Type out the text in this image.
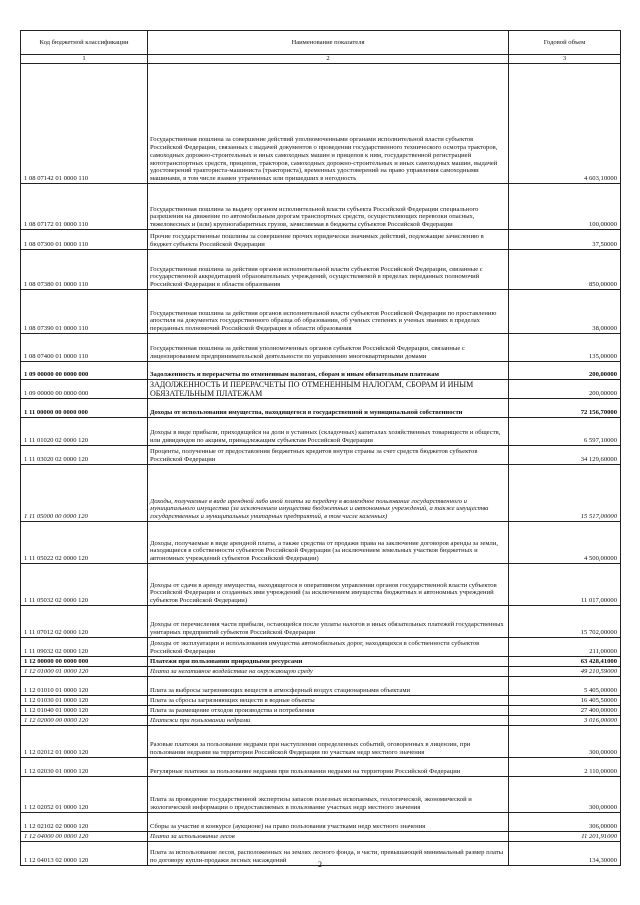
Код бюджетной классификации	Наименование показателя	Годовой объем
1	2	3
1 08 07142 01 0000 110	Государственная пошлина за совершение действий уполномоченными органами исполнительной власти субъектов Российской Федерации, связанных с выдачей документов о проведении государственного технического осмотра тракторов, самоходных дорожно-строительных и иных самоходных машин и прицепов к ним, государственной регистрацией мототранспортных средств, прицепов, тракторов, самоходных дорожно-строительных и иных самоходных машин, выдачей удостоверений тракториста-машиниста (тракториста), временных удостоверений на право управления самоходными машинами, в том числе взамен утраченных или пришедших в негодность	4 603,10000
1 08 07172 01 0000 110	Государственная пошлина за выдачу органом исполнительной власти субъекта Российской Федерации специального разрешения на движение по автомобильным дорогам транспортных средств, осуществляющих перевозки опасных, тяжеловесных и (или) крупногабаритных грузов, зачисляемая в бюджеты субъектов Российской Федерации	100,00000
1 08 07300 01 0000 110	Прочие государственные пошлины за совершение прочих юридически значимых действий, подлежащие зачислению в бюджет субъекта Российской Федерации	37,50000
1 08 07380 01 0000 110	Государственная пошлина за действия органов исполнительной власти субъектов Российской Федерации, связанные с государственной аккредитацией образовательных учреждений, осуществляемой в пределах переданных полномочий Российской Федерации в области образования	850,00000
1 08 07390 01 0000 110	Государственная пошлина за действия органов исполнительной власти субъектов Российской Федерации по проставлению апостиля на документах государственного образца об образовании, об ученых степенях и ученых званиях в пределах переданных полномочий Российской Федерации в области образования	38,00000
1 08 07400 01 0000 110	Государственная пошлина за действия уполномоченных органов субъектов Российской Федерации, связанные с лицензированием предпринимательской деятельности по управлению многоквартирными домами	135,00000
1 09 00000 00 0000 000	Задолженность и перерасчеты по отмененным налогам, сборам и иным обязательным платежам	200,00000
1 09 00000 00 0000 000	ЗАДОЛЖЕННОСТЬ И ПЕРЕРАСЧЕТЫ ПО ОТМЕНЕННЫМ НАЛОГАМ, СБОРАМ И ИНЫМ ОБЯЗАТЕЛЬНЫМ ПЛАТЕЖАМ	200,00000
1 11 00000 00 0000 000	Доходы от использования имущества, находящегося в государственной и муниципальной собственности	72 156,70000
1 11 01020 02 0000 120	Доходы в виде прибыли, приходящейся на доли в уставных (складочных) капиталах хозяйственных товариществ и обществ, или дивидендов по акциям, принадлежащим субъектам Российской Федерации	6 597,10000
1 11 03020 02 0000 120	Проценты, полученные от предоставления бюджетных кредитов внутри страны за счет средств бюджетов субъектов Российской Федерации	34 129,60000
1 11 05000 00 0000 120	Доходы, получаемые в виде арендной либо иной платы за передачу в возмездное пользование государственного и муниципального имущества (за исключением имущества бюджетных и автономных учреждений, а также имущества государственных и муниципальных унитарных предприятий, в том числе казенных)	15 517,00000
1 11 05022 02 0000 120	Доходы, получаемые в виде арендной платы, а также средства от продажи права на заключение договоров аренды за земли, находящиеся в собственности субъектов Российской Федерации (за исключением земельных участков бюджетных и автономных учреждений субъектов Российской Федерации)	4 500,00000
1 11 05032 02 0000 120	Доходы от сдачи в аренду имущества, находящегося в оперативном управлении органов государственной власти субъектов Российской Федерации и созданных ими учреждений (за исключением имущества бюджетных и автономных учреждений субъектов Российской Федерации)	11 017,00000
1 11 07012 02 0000 120	Доходы от перечисления части прибыли, остающейся после уплаты налогов и иных обязательных платежей государственных унитарных предприятий субъектов Российской Федерации	15 702,00000
1 11 09032 02 0000 120	Доходы от эксплуатации и использования имущества автомобильных дорог, находящихся в собственности субъектов Российской Федерации	211,00000
1 12 00000 00 0000 000	Платежи при пользовании природными ресурсами	63 428,41000
1 12 01000 01 0000 120	Плата за негативное воздействие на окружающую среду	49 210,59000
1 12 01010 01 0000 120	Плата за выбросы загрязняющих веществ в атмосферный воздух стационарными объектами	5 405,00000
1 12 01030 01 0000 120	Плата за сбросы загрязняющих веществ в водные объекты	16 405,50000
1 12 01040 01 0000 120	Плата за размещение отходов производства и потребления	27 400,00000
1 12 02000 00 0000 120	Платежи при пользовании недрами	3 016,00000
1 12 02012 01 0000 120	Разовые платежи за пользование недрами при наступлении определенных событий, оговоренных в лицензии, при пользовании недрами на территории Российской Федерации по участкам недр местного значения	300,00000
1 12 02030 01 0000 120	Регулярные платежи за пользование недрами при пользовании недрами на территории Российской Федерации	2 110,00000
1 12 02052 01 0000 120	Плата за проведение государственной экспертизы запасов полезных ископаемых, геологической, экономической и экологической информации о предоставляемых в пользование участках недр местного значения	300,00000
1 12 02102 02 0000 120	Сборы за участие в конкурсе (аукционе) на право пользования участками недр местного значения	306,00000
1 12 04000 00 0000 120	Плата за использование лесов	11 201,91000
1 12 04013 02 0000 120	Плата за использование лесов, расположенных на землях лесного фонда, в части, превышающей минимальный размер платы по договору купли-продажи лесных насаждений	134,30000
2
